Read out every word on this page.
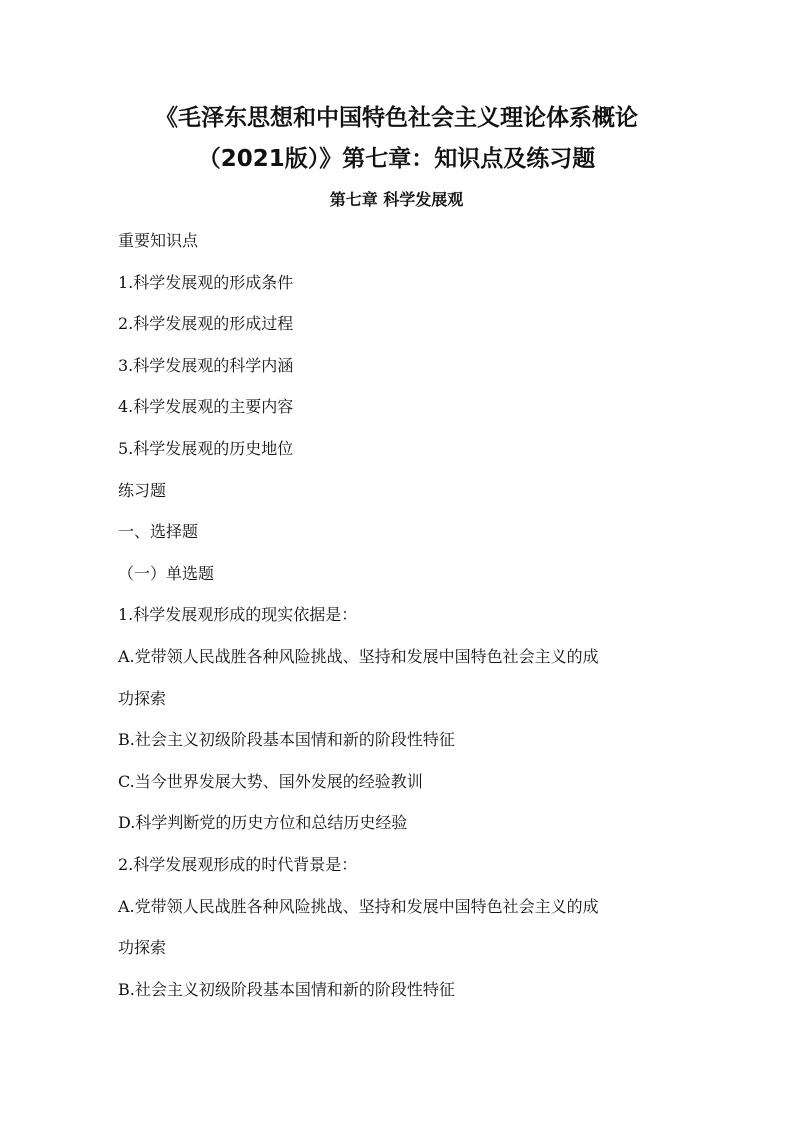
《毛泽东思想和中国特色社会主义理论体系概论
（2021版）》第七章：知识点及练习题
第七章 科学发展观
重要知识点
1.科学发展观的形成条件
2.科学发展观的形成过程
3.科学发展观的科学内涵
4.科学发展观的主要内容
5.科学发展观的历史地位
练习题
一、选择题
（一）单选题
1.科学发展观形成的现实依据是：
A.党带领人民战胜各种风险挑战、坚持和发展中国特色社会主义的成
功探索
B.社会主义初级阶段基本国情和新的阶段性特征
C.当今世界发展大势、国外发展的经验教训
D.科学判断党的历史方位和总结历史经验
2.科学发展观形成的时代背景是：
A.党带领人民战胜各种风险挑战、坚持和发展中国特色社会主义的成
功探索
B.社会主义初级阶段基本国情和新的阶段性特征
